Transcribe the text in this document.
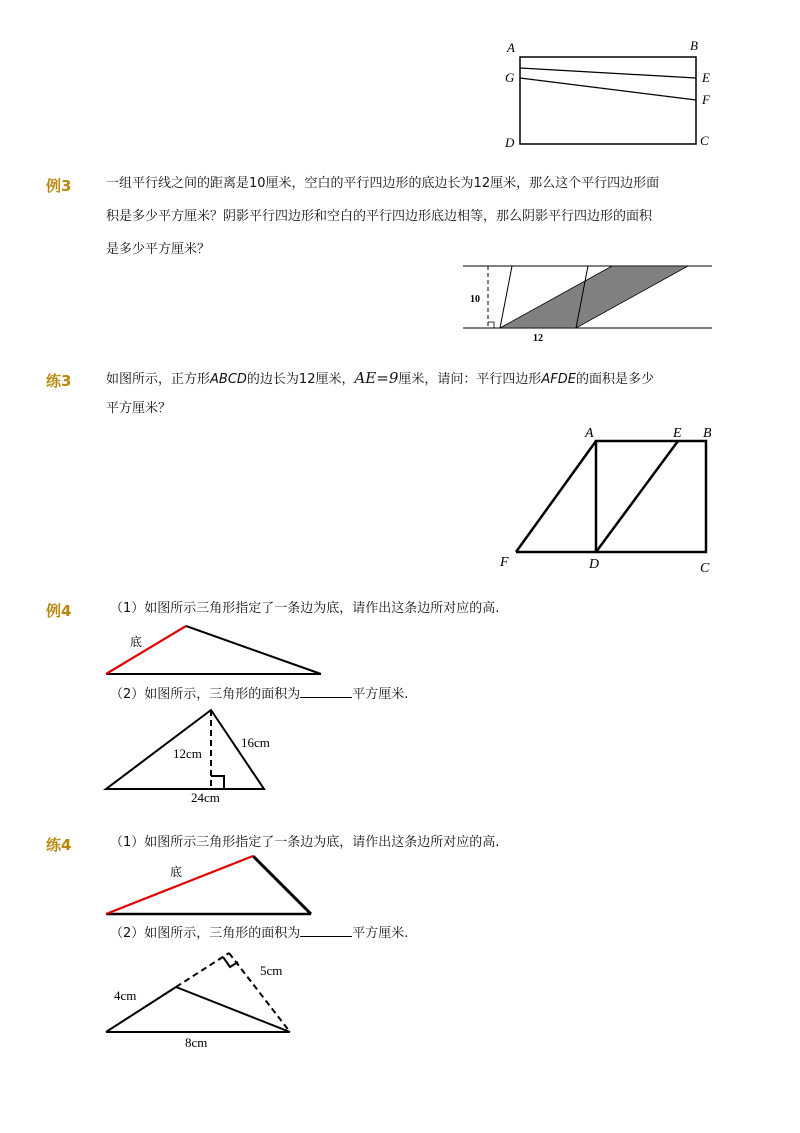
A	B
G	E
F
D	C
例3	一组平行线之间的距离是10厘米，空白的平行四边形的底边长为12厘米，那么这个平行四边形面
积是多少平方厘米？阴影平行四边形和空白的平行四边形底边相等，那么阴影平行四边形的面积
是多少平方厘米？
10
12
练3	如图所示，正方形ABCD的边长为12厘米，AE=9厘米，请问：平行四边形AFDE的面积是多少
平方厘米？
A	E B
F	D	C
例4	（1）如图所示三角形指定了一条边为底，请作出这条边所对应的高.
底
（2）如图所示，三角形的面积为	平方厘米.
12cm
16cm
24cm
练4	（1）如图所示三角形指定了一条边为底，请作出这条边所对应的高.
底
（2）如图所示，三角形的面积为	平方厘米.
5cm
4cm
8cm
